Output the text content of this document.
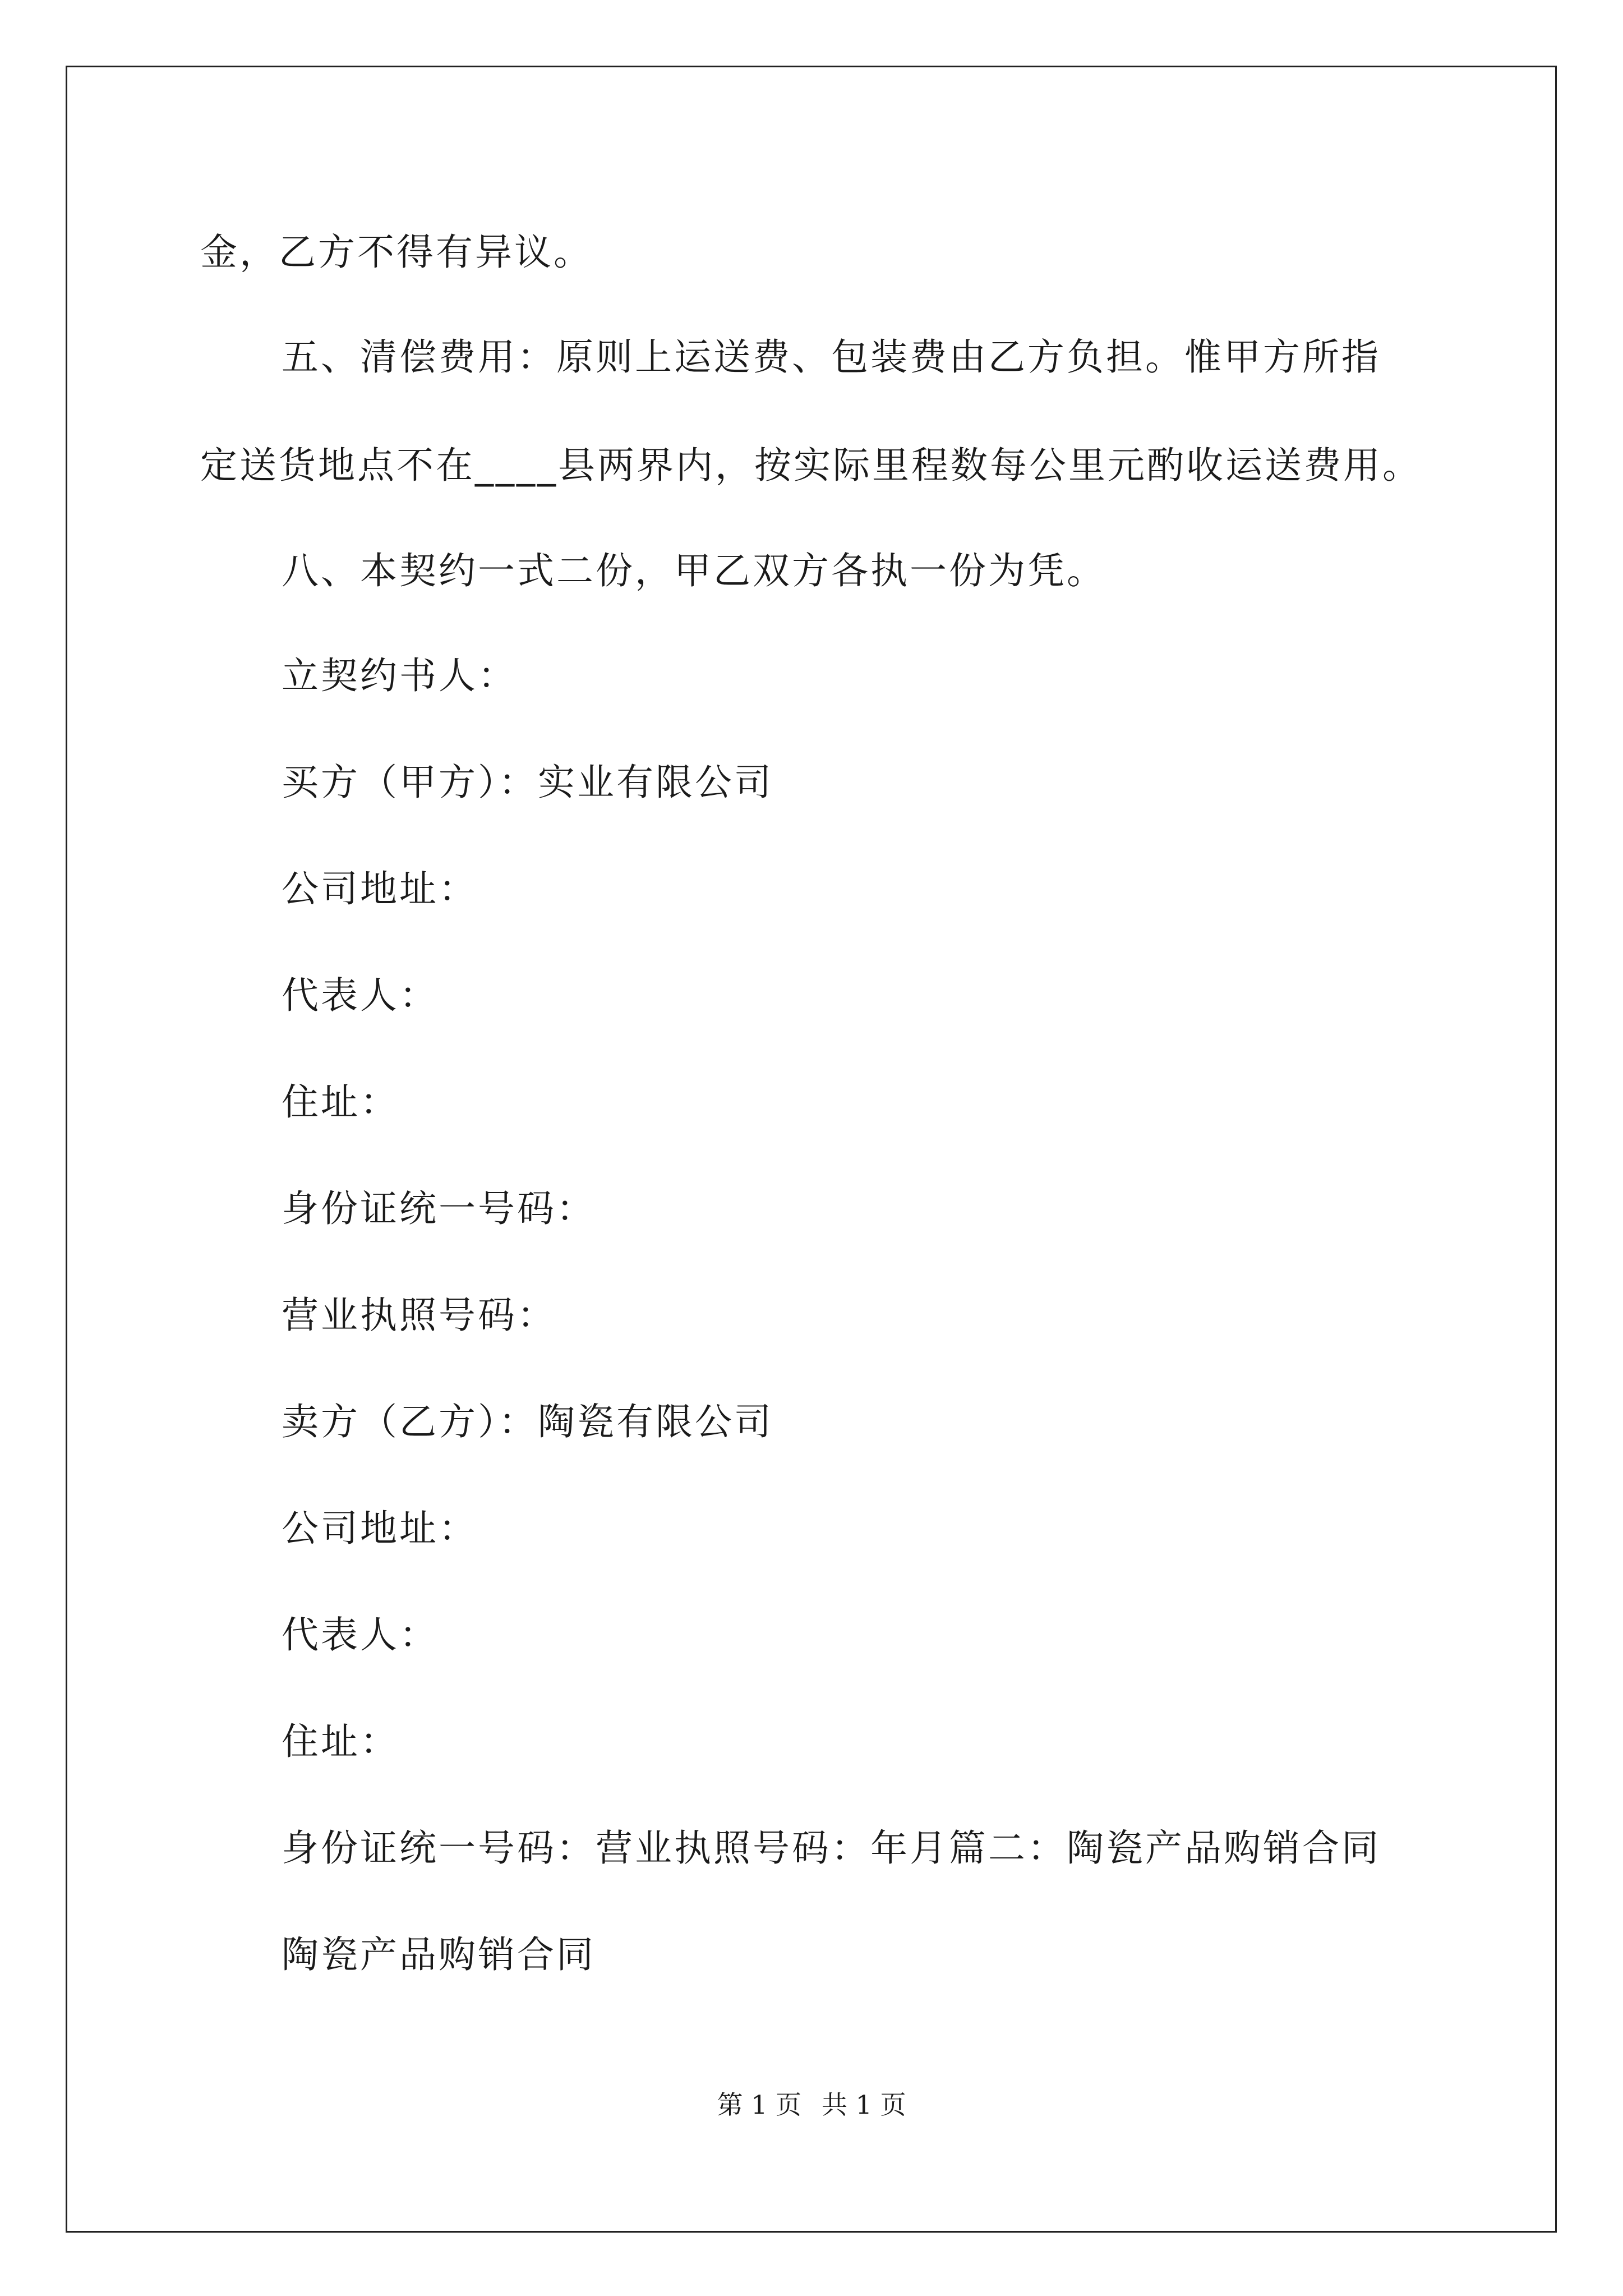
金，乙方不得有异议。
五、清偿费用：原则上运送费、包装费由乙方负担。惟甲方所指
定送货地点不在____县两界内，按实际里程数每公里元酌收运送费用。
八、本契约一式二份，甲乙双方各执一份为凭。
立契约书人：
买方（甲方）：实业有限公司
公司地址：
代表人：
住址：
身份证统一号码：
营业执照号码：
卖方（乙方）：陶瓷有限公司
公司地址：
代表人：
住址：
身份证统一号码：营业执照号码：年月篇二：陶瓷产品购销合同
陶瓷产品购销合同
第 1 页 共 1 页
